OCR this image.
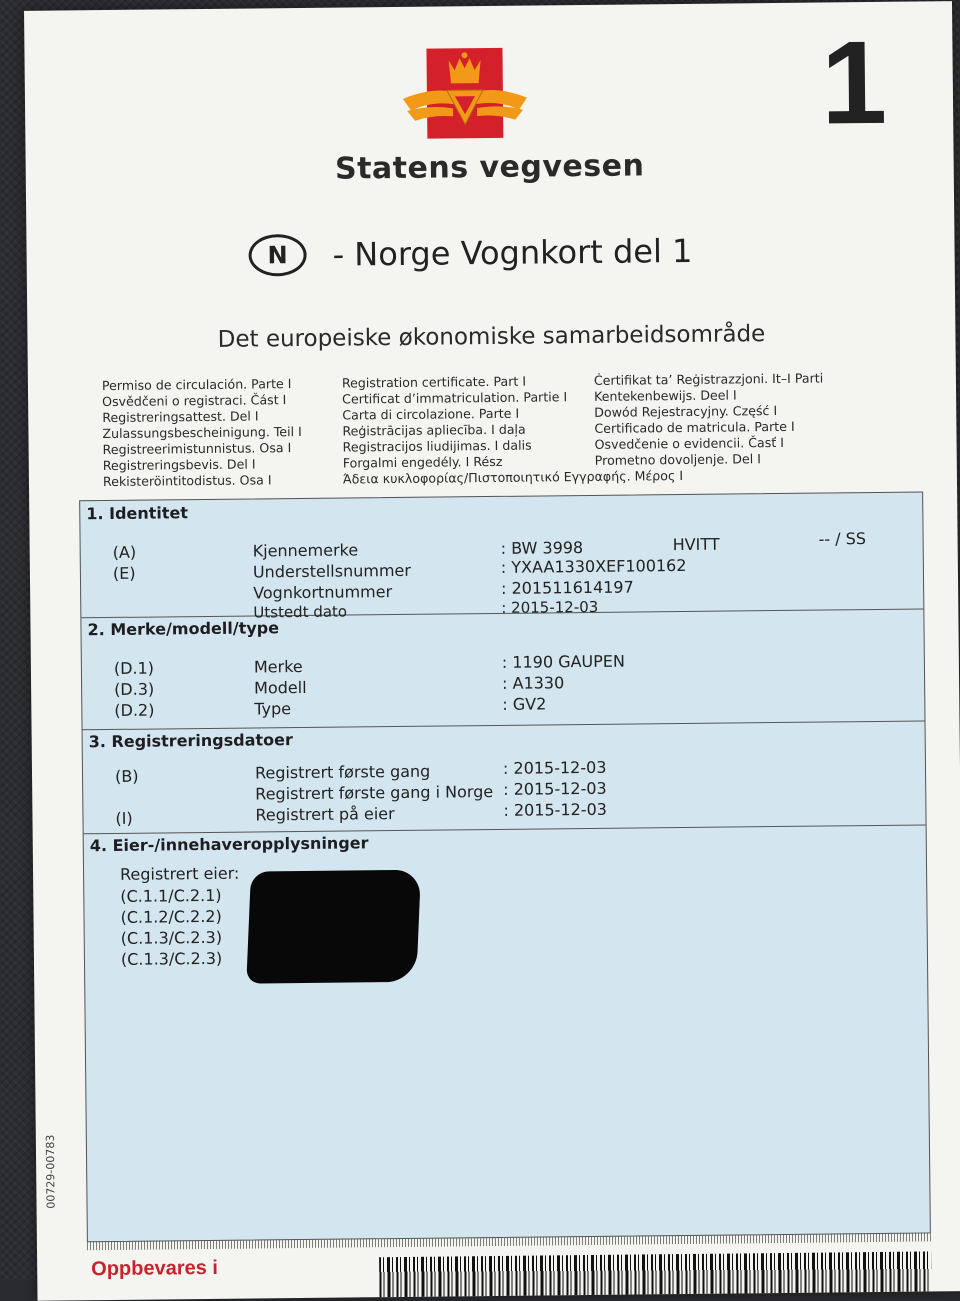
1
Statens vegvesen
N	- Norge Vognkort del 1
Det europeiske økonomiske samarbeidsområde
Permiso de circulación. Parte I
Osvědčeni o registraci. Část I
Registreringsattest. Del I
Zulassungsbescheinigung. Teil I
Registreerimistunnistus. Osa I
Registreringsbevis. Del I
Rekisteröintitodistus. Osa I
Registration certificate. Part I
Certificat d’immatriculation. Partie I
Carta di circolazione. Parte I
Reģistrācijas apliecība. I daļa
Registracijos liudijimas. I dalis
Forgalmi engedély. I Rész
Άδεια κυκλοφορίας/Πιστοποιητικό Εγγραφής. Μέρος I
Ċertifikat ta’ Reġistrazzjoni. It–I Parti
Kentekenbewijs. Deel I
Dowód Rejestracyjny. Część I
Certificado de matricula. Parte I
Osvedčenie o evidencii. Časť I
Prometno dovoljenje. Del I
1. Identitet
(A)	Kjennemerke	: BW 3998	HVITT	-- / SS
(E)	Understellsnummer	: YXAA1330XEF100162
Vognkortnummer	: 201511614197
Utstedt dato	: 2015-12-03
2. Merke/modell/type
(D.1)	Merke	: 1190 GAUPEN
(D.3)	Modell	: A1330
(D.2)	Type	: GV2
3. Registreringsdatoer
(B)	Registrert første gang	: 2015-12-03
Registrert første gang i Norge : 2015-12-03
(I)	Registrert på eier	: 2015-12-03
4. Eier-/innehaveropplysninger
Registrert eier:
(C.1.1/C.2.1)
(C.1.2/C.2.2)
(C.1.3/C.2.3)
(C.1.3/C.2.3)
00729-00783
Oppbevares i
